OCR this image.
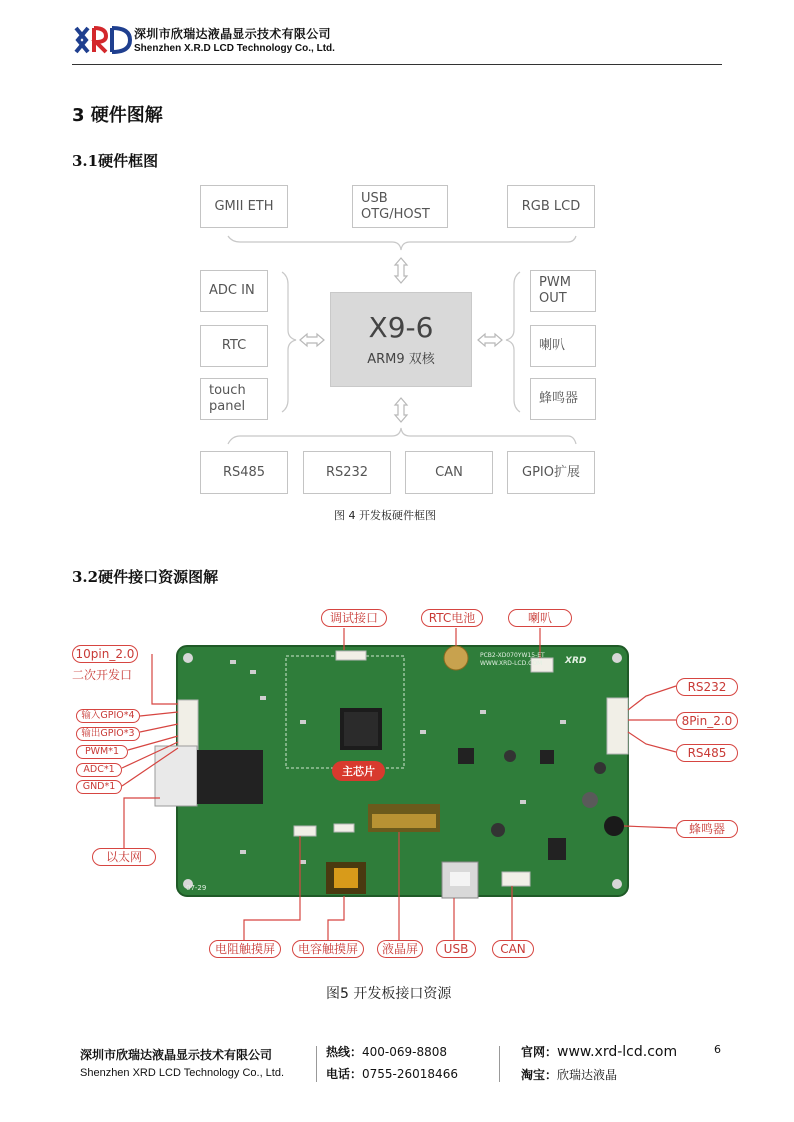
深圳市欣瑞达液晶显示技术有限公司
Shenzhen X.R.D LCD Technology Co., Ltd.
3 硬件图解
3.1硬件框图
GMII ETH
USB
OTG/HOST
RGB LCD
ADC IN
RTC
touch
panel
X9-6
ARM9 双核
PWM
OUT
喇叭
蜂鸣器
RS485	RS232	CAN	GPIO扩展
图 4 开发板硬件框图
3.2硬件接口资源图解
主芯片
PCB2-XD070YW15-ET
WWW.XRD-LCD.COM
07-29
XRD
调试接口	RTC电池	喇叭
10pin_2.0
二次开发口
输入GPIO*4
输出GPIO*3
PWM*1
ADC*1
GND*1
以太网
RS232
8Pin_2.0
RS485
蜂鸣器
电阻触摸屏	电容触摸屏	液晶屏	USB	CAN
图5 开发板接口资源
深圳市欣瑞达液晶显示技术有限公司
Shenzhen XRD LCD Technology Co., Ltd.
热线：400-069-8808
电话：0755-26018466
官网：www.xrd-lcd.com
淘宝：欣瑞达液晶
6
